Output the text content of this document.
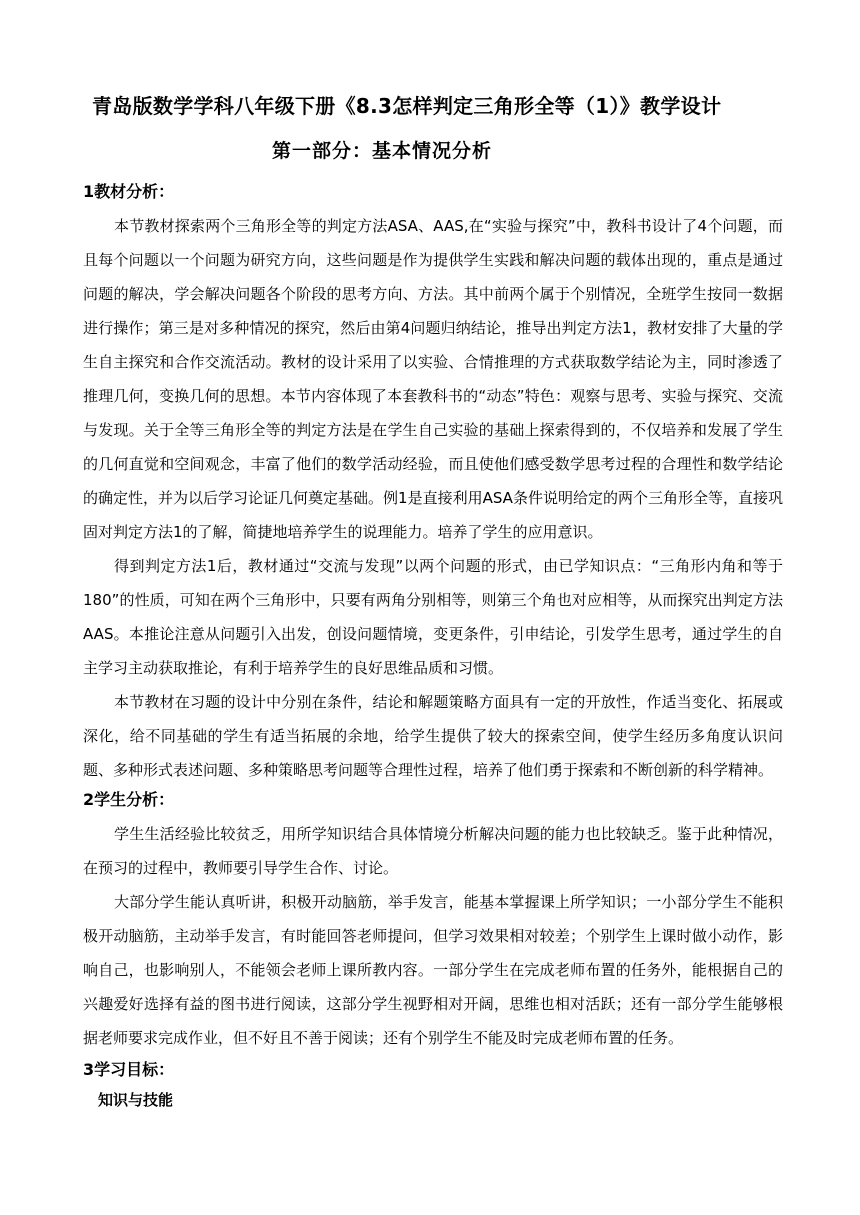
青岛版数学学科八年级下册《8.3怎样判定三角形全等（1）》教学设计
第一部分：基本情况分析
1教材分析：

本节教材探索两个三角形全等的判定方法ASA、AAS,在“实验与探究”中，教科书设计了4个问题，而且每个问题以一个问题为研究方向，这些问题是作为提供学生实践和解决问题的载体出现的，重点是通过问题的解决，学会解决问题各个阶段的思考方向、方法。其中前两个属于个别情况，全班学生按同一数据进行操作；第三是对多种情况的探究，然后由第4问题归纳结论，推导出判定方法1，教材安排了大量的学生自主探究和合作交流活动。教材的设计采用了以实验、合情推理的方式获取数学结论为主，同时渗透了推理几何，变换几何的思想。本节内容体现了本套教科书的“动态”特色：观察与思考、实验与探究、交流与发现。关于全等三角形全等的判定方法是在学生自己实验的基础上探索得到的，不仅培养和发展了学生的几何直觉和空间观念，丰富了他们的数学活动经验，而且使他们感受数学思考过程的合理性和数学结论的确定性，并为以后学习论证几何奠定基础。例1是直接利用ASA条件说明给定的两个三角形全等，直接巩固对判定方法1的了解，简捷地培养学生的说理能力。培养了学生的应用意识。

得到判定方法1后，教材通过“交流与发现”以两个问题的形式，由已学知识点：“三角形内角和等于180”的性质，可知在两个三角形中，只要有两角分别相等，则第三个角也对应相等，从而探究出判定方法AAS。本推论注意从问题引入出发，创设问题情境，变更条件，引申结论，引发学生思考，通过学生的自主学习主动获取推论，有利于培养学生的良好思维品质和习惯。

本节教材在习题的设计中分别在条件，结论和解题策略方面具有一定的开放性，作适当变化、拓展或深化，给不同基础的学生有适当拓展的余地，给学生提供了较大的探索空间，使学生经历多角度认识问题、多种形式表述问题、多种策略思考问题等合理性过程，培养了他们勇于探索和不断创新的科学精神。

2学生分析：

学生生活经验比较贫乏，用所学知识结合具体情境分析解决问题的能力也比较缺乏。鉴于此种情况，在预习的过程中，教师要引导学生合作、讨论。

大部分学生能认真听讲，积极开动脑筋，举手发言，能基本掌握课上所学知识；一小部分学生不能积极开动脑筋，主动举手发言，有时能回答老师提问，但学习效果相对较差；个别学生上课时做小动作，影响自己，也影响别人，不能领会老师上课所教内容。一部分学生在完成老师布置的任务外，能根据自己的兴趣爱好选择有益的图书进行阅读，这部分学生视野相对开阔，思维也相对活跃；还有一部分学生能够根据老师要求完成作业，但不好且不善于阅读；还有个别学生不能及时完成老师布置的任务。

3学习目标：
知识与技能
